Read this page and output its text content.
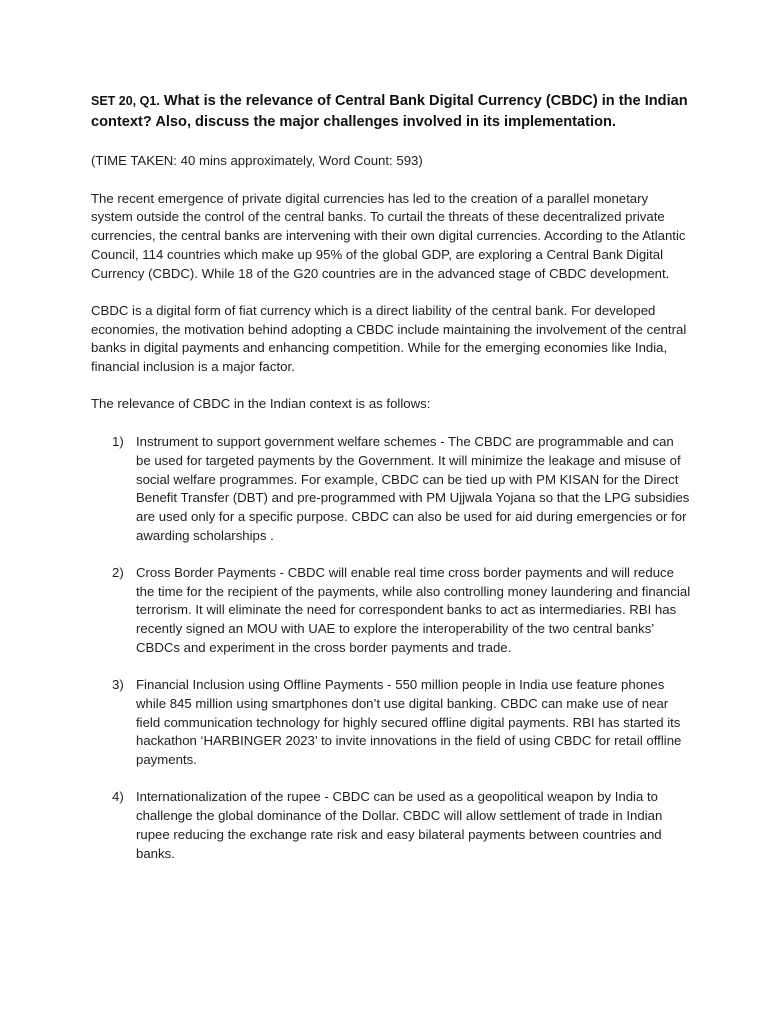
SET 20, Q1. What is the relevance of Central Bank Digital Currency (CBDC) in the Indian context? Also, discuss the major challenges involved in its implementation.

(TIME TAKEN: 40 mins approximately, Word Count: 593)

The recent emergence of private digital currencies has led to the creation of a parallel monetary system outside the control of the central banks. To curtail the threats of these decentralized private currencies, the central banks are intervening with their own digital currencies. According to the Atlantic Council, 114 countries which make up 95% of the global GDP, are exploring a Central Bank Digital Currency (CBDC). While 18 of the G20 countries are in the advanced stage of CBDC development.

CBDC is a digital form of fiat currency which is a direct liability of the central bank. For developed economies, the motivation behind adopting a CBDC include maintaining the involvement of the central banks in digital payments and enhancing competition. While for the emerging economies like India, financial inclusion is a major factor.

The relevance of CBDC in the Indian context is as follows:

1) Instrument to support government welfare schemes - The CBDC are programmable and can be used for targeted payments by the Government. It will minimize the leakage and misuse of social welfare programmes. For example, CBDC can be tied up with PM KISAN for the Direct Benefit Transfer (DBT) and pre-programmed with PM Ujjwala Yojana so that the LPG subsidies are used only for a specific purpose. CBDC can also be used for aid during emergencies or for awarding scholarships .
2) Cross Border Payments - CBDC will enable real time cross border payments and will reduce the time for the recipient of the payments, while also controlling money laundering and financial terrorism. It will eliminate the need for correspondent banks to act as intermediaries. RBI has recently signed an MOU with UAE to explore the interoperability of the two central banks’ CBDCs and experiment in the cross border payments and trade.
3) Financial Inclusion using Offline Payments - 550 million people in India use feature phones while 845 million using smartphones don’t use digital banking. CBDC can make use of near field communication technology for highly secured offline digital payments. RBI has started its hackathon ‘HARBINGER 2023’ to invite innovations in the field of using CBDC for retail offline payments.
4) Internationalization of the rupee - CBDC can be used as a geopolitical weapon by India to challenge the global dominance of the Dollar. CBDC will allow settlement of trade in Indian rupee reducing the exchange rate risk and easy bilateral payments between countries and banks.
